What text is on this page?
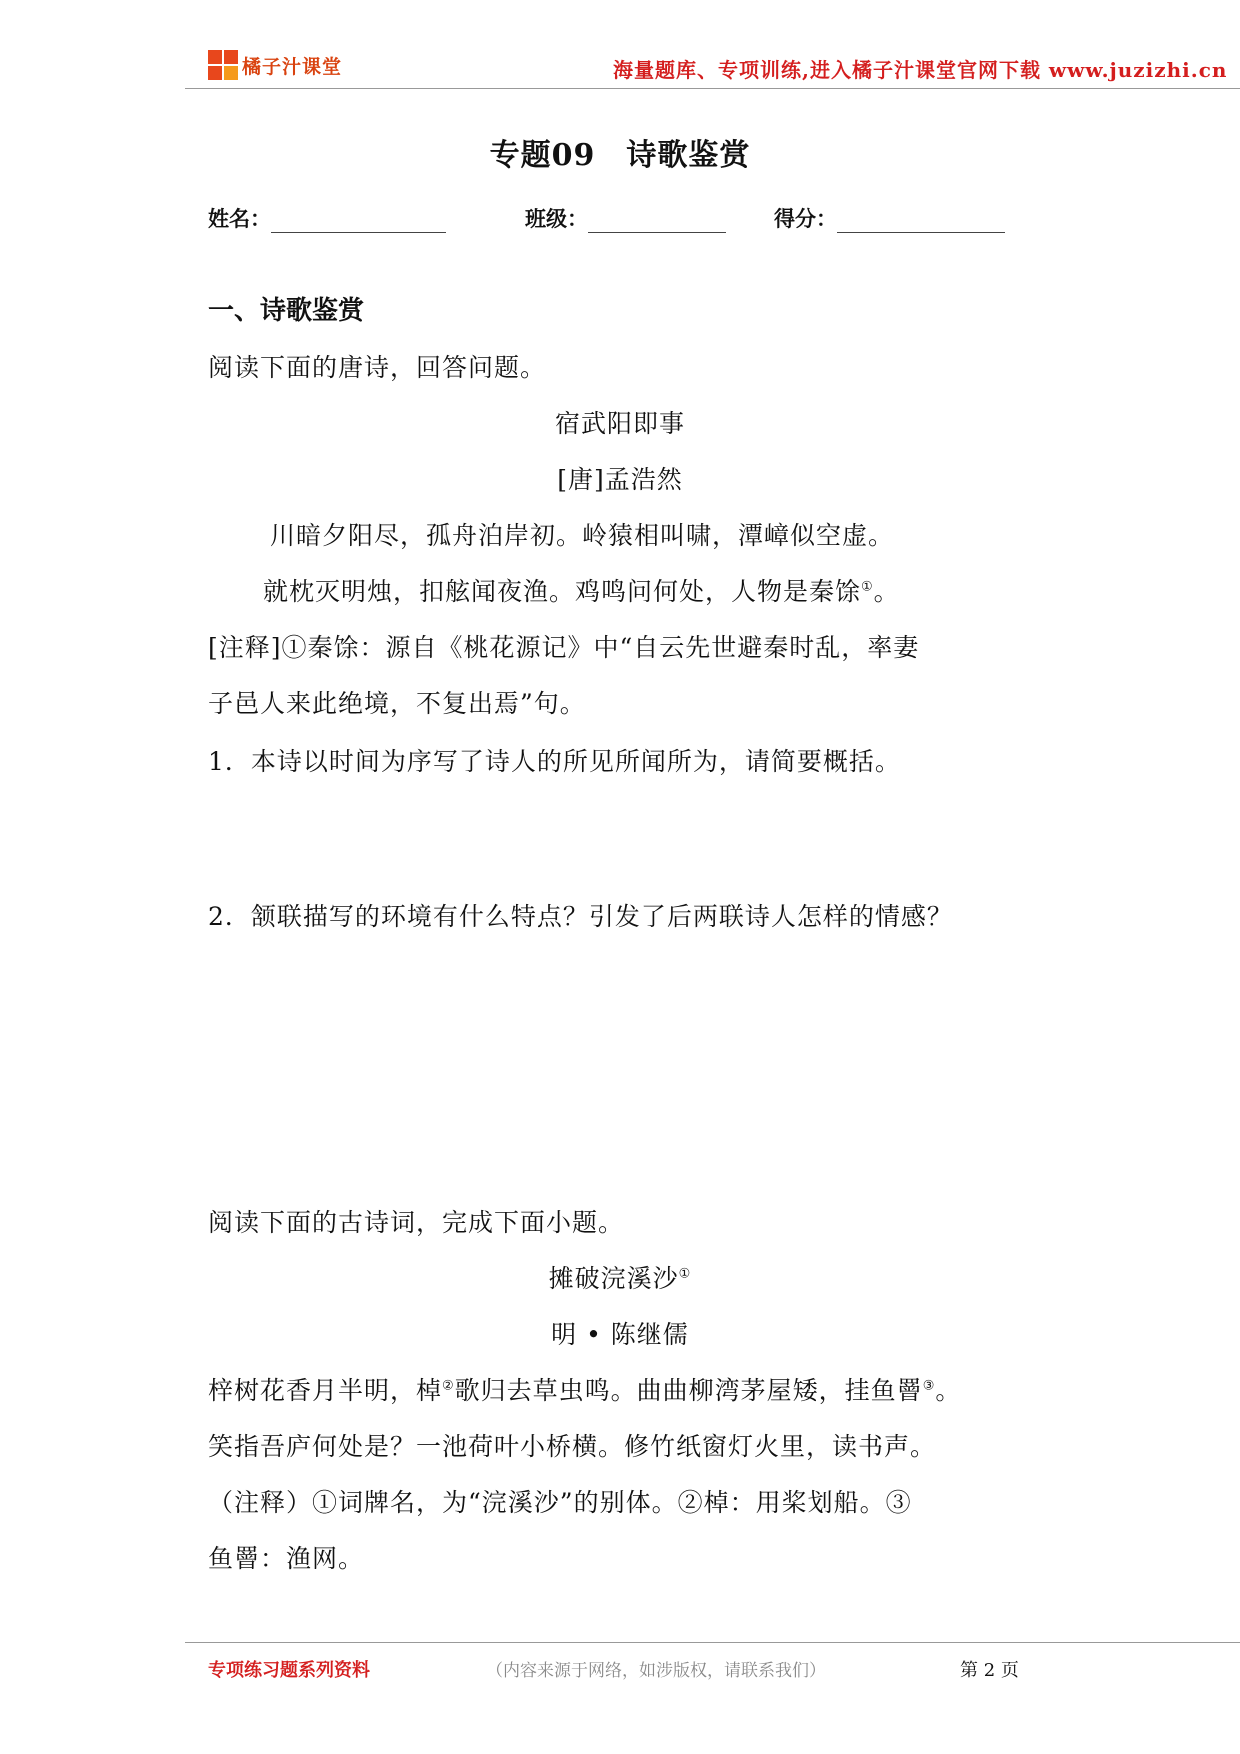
橘子汁课堂	海量题库、专项训练,进入橘子汁课堂官网下载 www.juzizhi.cn
专题09　诗歌鉴赏
姓名：	班级：	得分：
一、诗歌鉴赏
阅读下面的唐诗，回答问题。
宿武阳即事
[唐]孟浩然
川暗夕阳尽，孤舟泊岸初。岭猿相叫啸，潭嶂似空虚。
就枕灭明烛，扣舷闻夜渔。鸡鸣问何处，人物是秦馀①。
[注释]①秦馀：源自《桃花源记》中“自云先世避秦时乱，率妻
子邑人来此绝境，不复出焉”句。
1．本诗以时间为序写了诗人的所见所闻所为，请简要概括。
2．颔联描写的环境有什么特点？引发了后两联诗人怎样的情感？
阅读下面的古诗词，完成下面小题。
摊破浣溪沙①
明 • 陈继儒
梓树花香月半明，棹②歌归去草虫鸣。曲曲柳湾茅屋矮，挂鱼罾③。
笑指吾庐何处是？一池荷叶小桥横。修竹纸窗灯火里，读书声。
（注释）①词牌名，为“浣溪沙”的别体。②棹：用桨划船。③
鱼罾：渔网。
专项练习题系列资料	（内容来源于网络，如涉版权，请联系我们）	第 2 页
